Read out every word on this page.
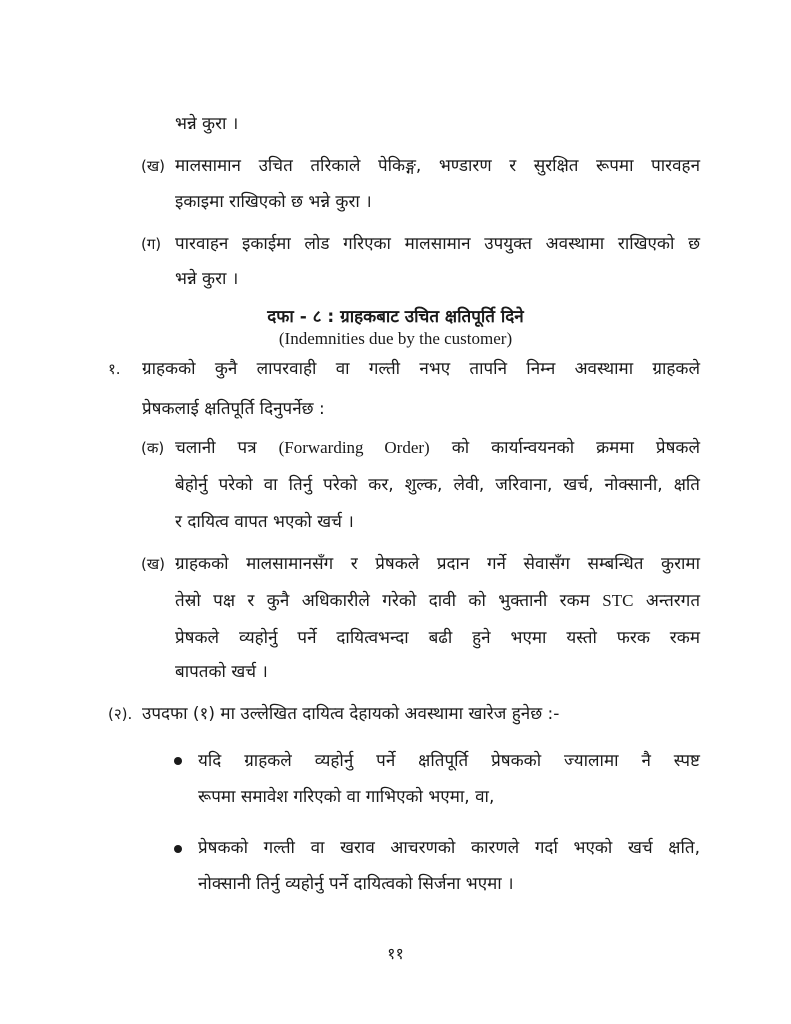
भन्ने कुरा ।
(ख) मालसामान उचित तरिकाले पेकिङ्ग, भण्डारण र सुरक्षित रूपमा पारवहन
इकाइमा राखिएको छ भन्ने कुरा ।
(ग) पारवाहन इकाईमा लोड गरिएका मालसामान उपयुक्त अवस्थामा राखिएको छ
भन्ने कुरा ।
दफा - ८ : ग्राहकबाट उचित क्षतिपूर्ति दिने
(Indemnities due by the customer)
१. ग्राहकको कुनै लापरवाही वा गल्ती नभए तापनि निम्न अवस्थामा ग्राहकले
प्रेषकलाई क्षतिपूर्ति दिनुपर्नेछ :
(क) चलानी पत्र (Forwarding Order) को कार्यान्वयनको क्रममा प्रेषकले
बेहोर्नु परेको वा तिर्नु परेको कर, शुल्क, लेवी, जरिवाना, खर्च, नोक्सानी, क्षति
र दायित्व वापत भएको खर्च ।
(ख) ग्राहकको मालसामानसँग र प्रेषकले प्रदान गर्ने सेवासँग सम्बन्धित कुरामा
तेस्रो पक्ष र कुनै अधिकारीले गरेको दावी को भुक्तानी रकम STC अन्तरगत
प्रेषकले व्यहोर्नु पर्ने दायित्वभन्दा बढी हुने भएमा यस्तो फरक रकम
बापतको खर्च ।
(२). उपदफा (१) मा उल्लेखित दायित्व देहायको अवस्थामा खारेज हुनेछ :-
यदि ग्राहकले व्यहोर्नु पर्ने क्षतिपूर्ति प्रेषकको ज्यालामा नै स्पष्ट
रूपमा समावेश गरिएको वा गाभिएको भएमा, वा,
प्रेषकको गल्ती वा खराव आचरणको कारणले गर्दा भएको खर्च क्षति,
नोक्सानी तिर्नु व्यहोर्नु पर्ने दायित्वको सिर्जना भएमा ।
११
